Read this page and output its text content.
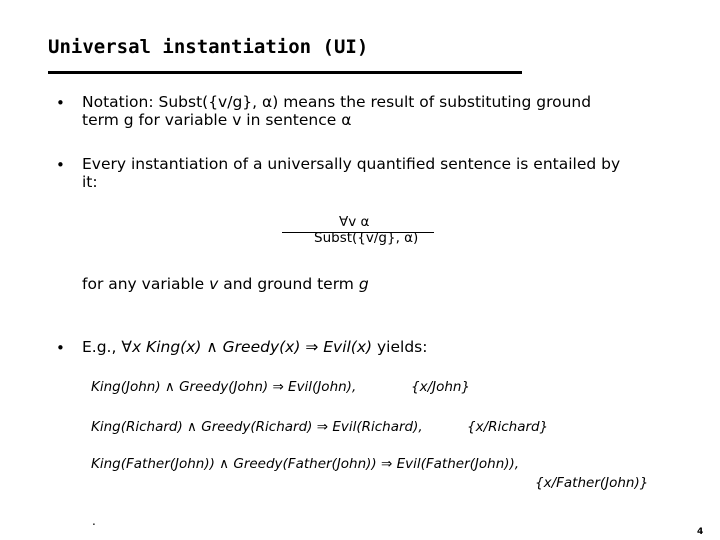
Universal instantiation (UI)
• Notation: Subst({v/g}, α) means the result of substituting ground
term g for variable v in sentence α
• Every instantiation of a universally quantified sentence is entailed by
it:
∀v α
Subst({v/g}, α)
for any variable v and ground term g
• E.g., ∀x King(x) ∧ Greedy(x) ⇒ Evil(x) yields:
King(John) ∧ Greedy(John) ⇒ Evil(John),	{x/John}
King(Richard) ∧ Greedy(Richard) ⇒ Evil(Richard),	{x/Richard}
King(Father(John)) ∧ Greedy(Father(John)) ⇒ Evil(Father(John)),
{x/Father(John)}
.
4
